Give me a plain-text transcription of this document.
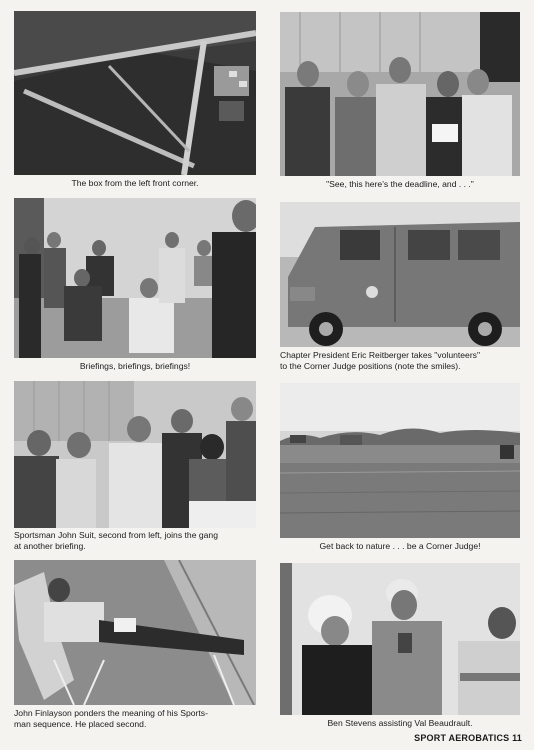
The box from the left front corner.	"See, this here's the deadline, and . . ."
Briefings, briefings, briefings!
Chapter President Eric Reitberger takes "volunteers"
to the Corner Judge positions (note the smiles).
Sportsman John Suit, second from left, joins the gang
at another briefing.	Get back to nature . . . be a Corner Judge!
John Finlayson ponders the meaning of his Sports-
man sequence. He placed second.	Ben Stevens assisting Val Beaudrault.
SPORT AEROBATICS 11
